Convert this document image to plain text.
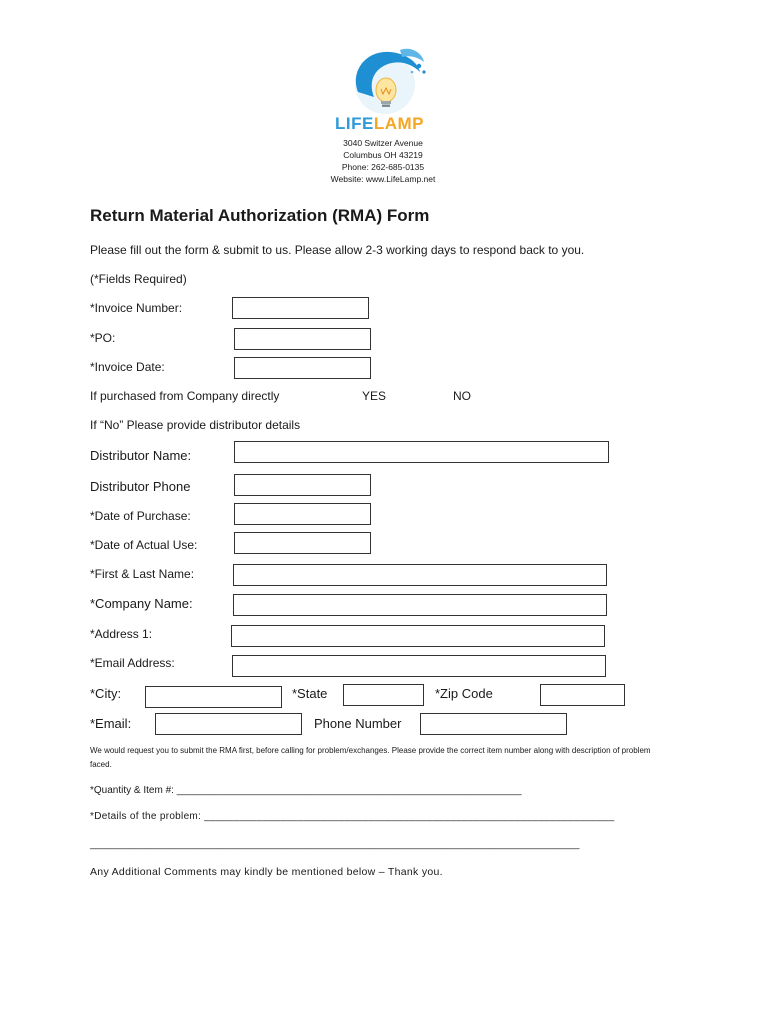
LIFELAMP
3040 Switzer Avenue
Columbus OH 43219
Phone: 262-685-0135
Website: www.LifeLamp.net
Return Material Authorization (RMA) Form
Please fill out the form & submit to us. Please allow 2-3 working days to respond back to you.
(*Fields Required)
*Invoice Number:
*PO:
*Invoice Date:
If purchased from Company directly	YES	NO
If “No” Please provide distributor details
Distributor Name:
Distributor Phone
*Date of Purchase:
*Date of Actual Use:
*First & Last Name:
*Company Name:
*Address 1:
*Email Address:
*City:	*State	*Zip Code
*Email:	Phone Number
We would request you to submit the RMA first, before calling for problem/exchanges. Please provide the correct item number along with description of problem faced.
*Quantity & Item #: ______________________________________________________________
*Details of the problem: ______________________________________________________________________
________________________________________________________________________________________
Any Additional Comments may kindly be mentioned below – Thank you.
